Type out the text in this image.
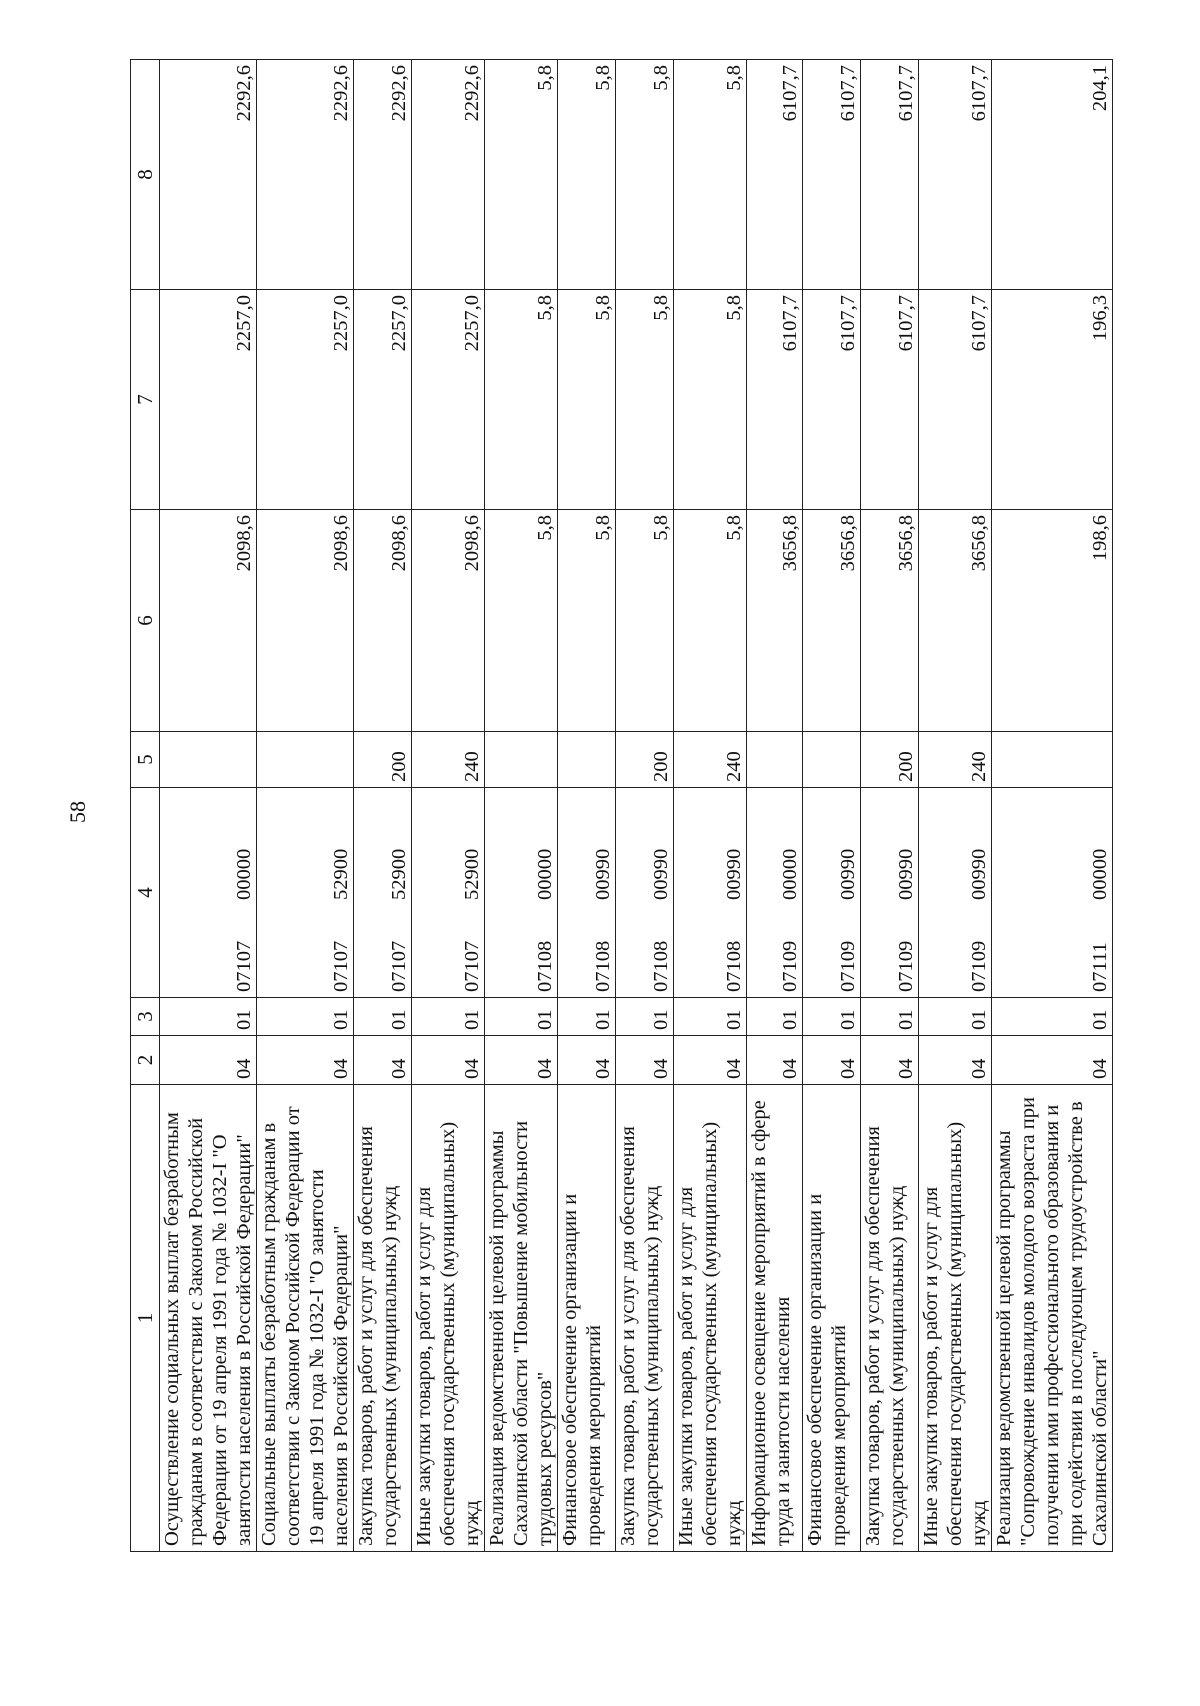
58
1	2	3	4	5	6	7	8
Осуществление социальных выплат безработным гражданам в соответствии с Законом Российской Федерации от 19 апреля 1991 года № 1032-I "О занятости населения в Российской Федерации"	04	01	0710700000		2098,6	2257,0	2292,6
Социальные выплаты безработным гражданам в соответствии с Законом Российской Федерации от 19 апреля 1991 года № 1032-I "О занятости населения в Российской Федерации"	04	01	0710752900		2098,6	2257,0	2292,6
Закупка товаров, работ и услуг для обеспечения государственных (муниципальных) нужд	04	01	0710752900	200	2098,6	2257,0	2292,6
Иные закупки товаров, работ и услуг для обеспечения государственных (муниципальных) нужд	04	01	0710752900	240	2098,6	2257,0	2292,6
Реализация ведомственной целевой программы Сахалинской области "Повышение мобильности трудовых ресурсов"	04	01	0710800000		5,8	5,8	5,8
Финансовое обеспечение организации и проведения мероприятий	04	01	0710800990		5,8	5,8	5,8
Закупка товаров, работ и услуг для обеспечения государственных (муниципальных) нужд	04	01	0710800990	200	5,8	5,8	5,8
Иные закупки товаров, работ и услуг для обеспечения государственных (муниципальных) нужд	04	01	0710800990	240	5,8	5,8	5,8
Информационное освещение мероприятий в сфере труда и занятости населения	04	01	0710900000		3656,8	6107,7	6107,7
Финансовое обеспечение организации и проведения мероприятий	04	01	0710900990		3656,8	6107,7	6107,7
Закупка товаров, работ и услуг для обеспечения государственных (муниципальных) нужд	04	01	0710900990	200	3656,8	6107,7	6107,7
Иные закупки товаров, работ и услуг для обеспечения государственных (муниципальных) нужд	04	01	0710900990	240	3656,8	6107,7	6107,7
Реализация ведомственной целевой программы "Сопровождение инвалидов молодого возраста при получении ими профессионального образования и при содействии в последующем трудоустройстве в Сахалинской области"	04	01	0711100000		198,6	196,3	204,1
